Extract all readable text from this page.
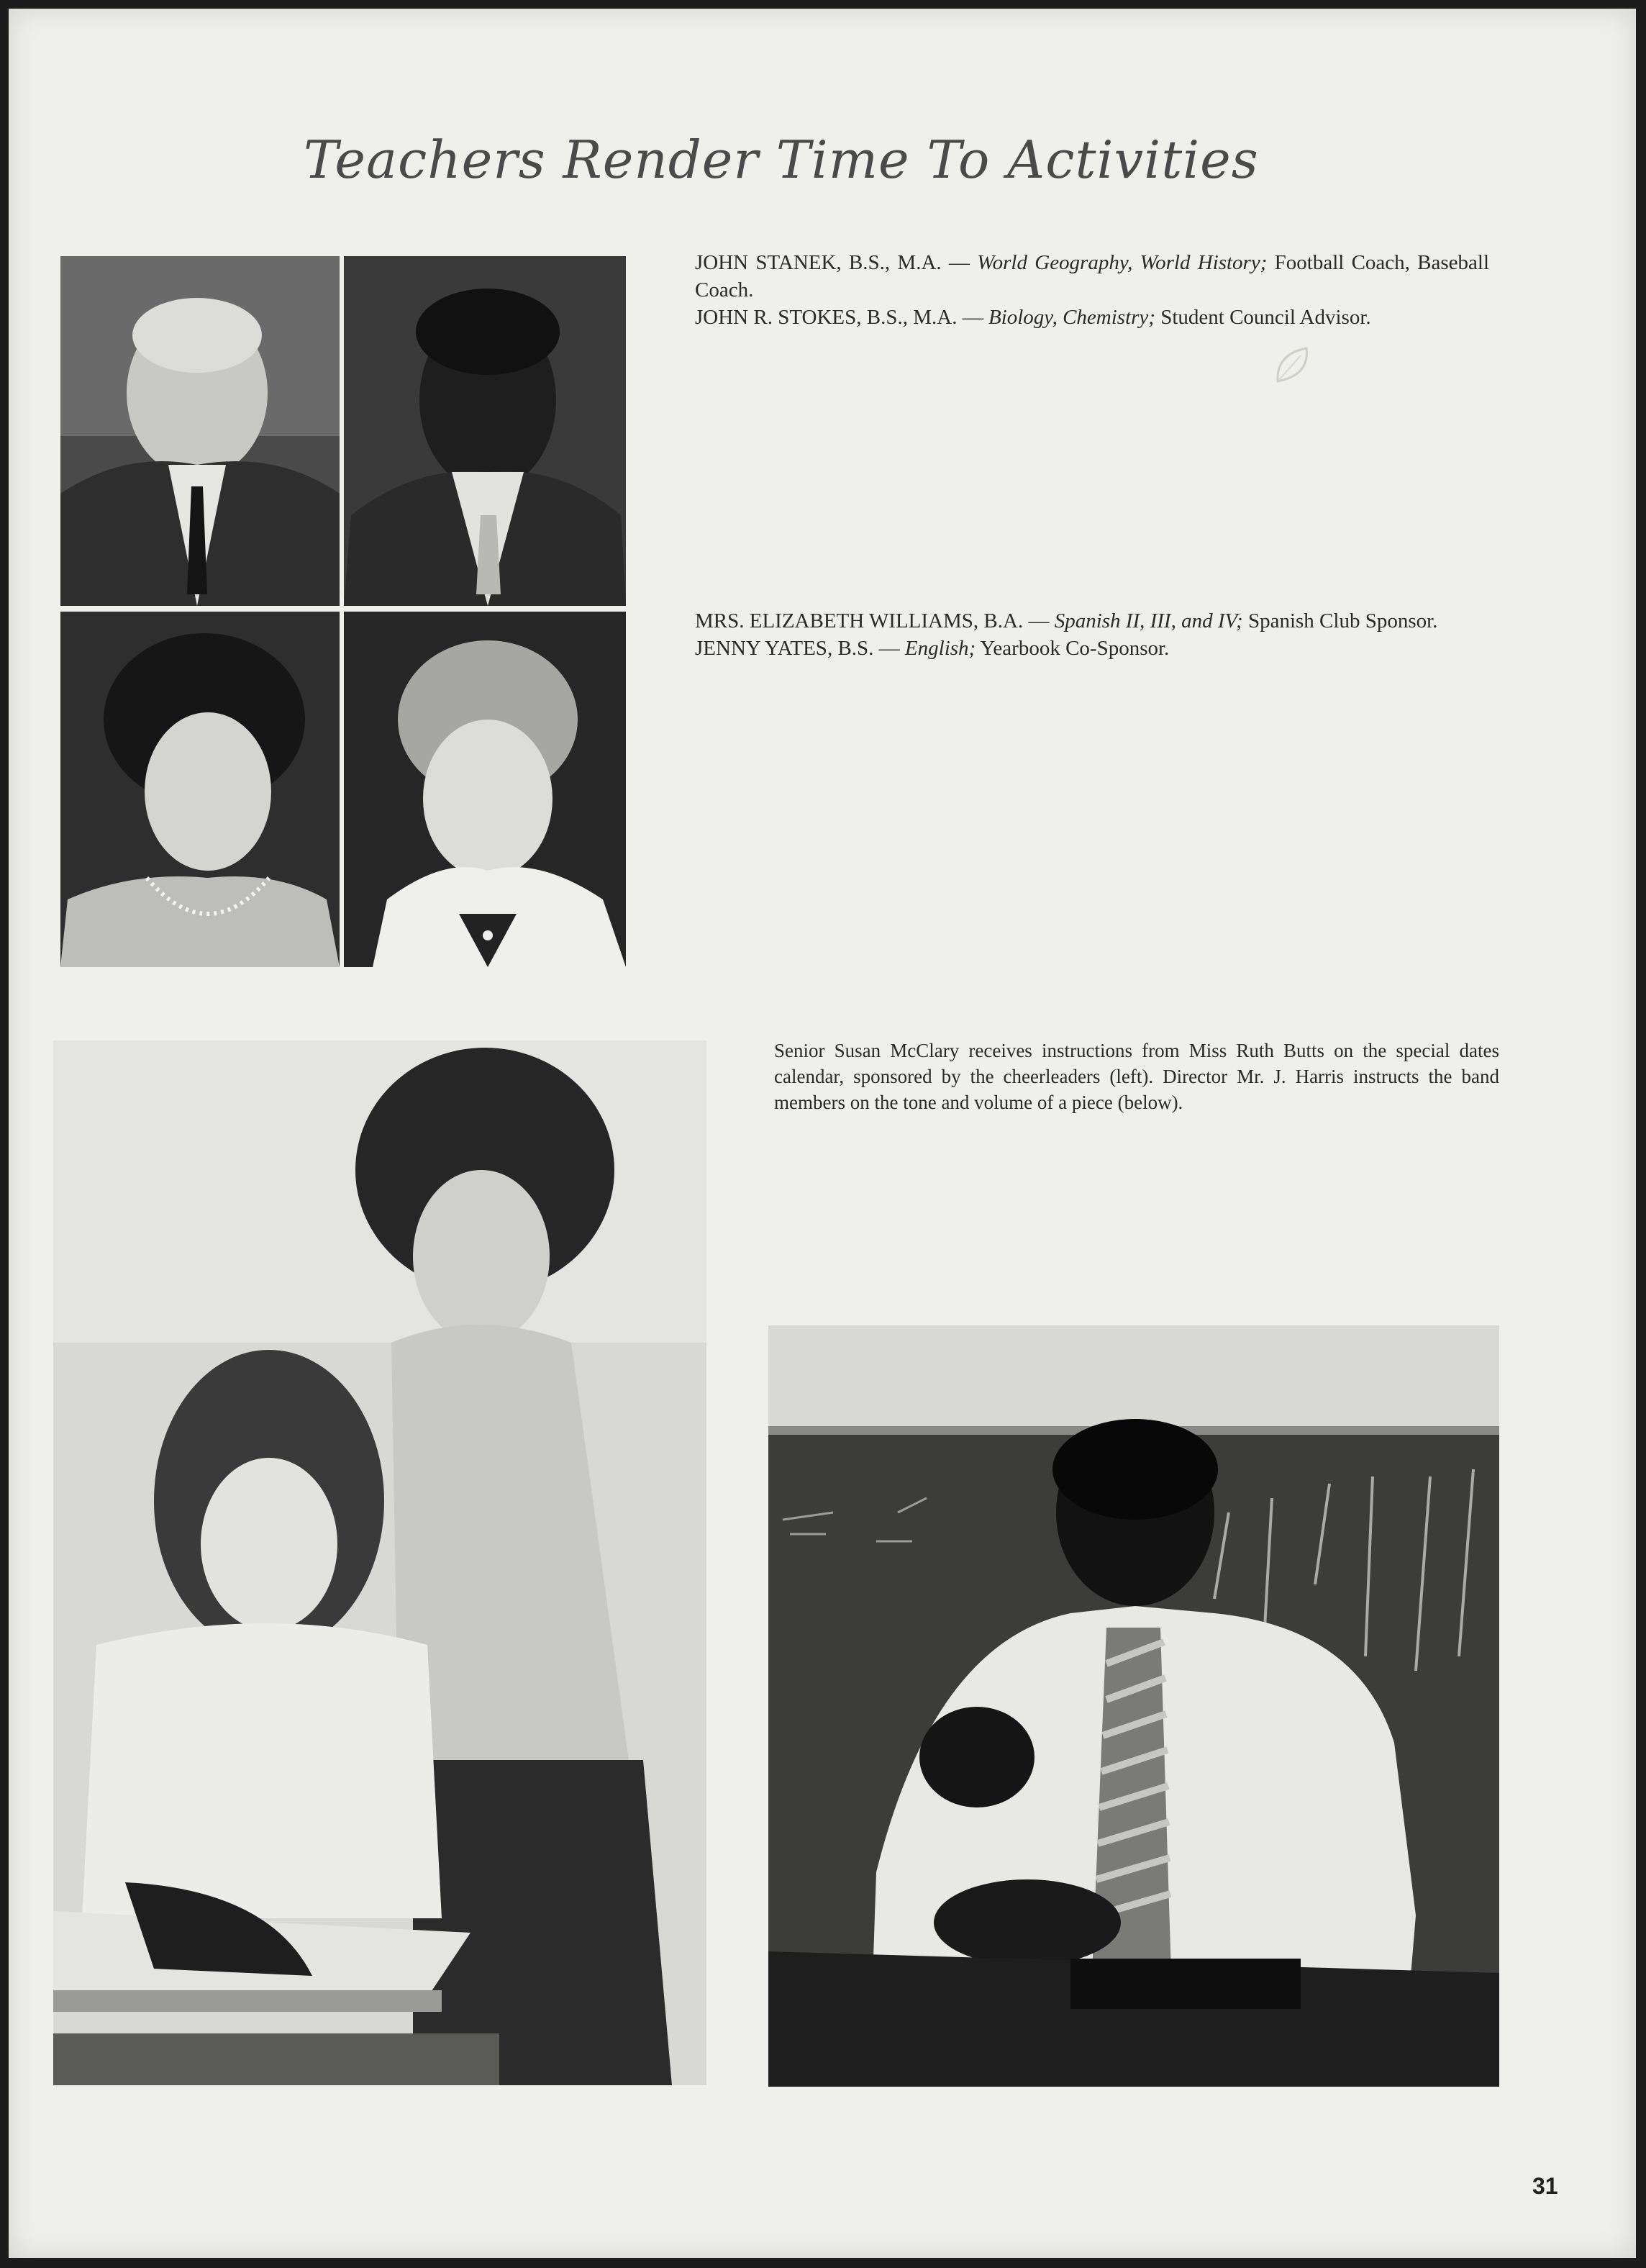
Teachers Render Time To Activities

JOHN STANEK, B.S., M.A. — World Geography, World History; Football Coach, Baseball Coach.

JOHN R. STOKES, B.S., M.A. — Biology, Chemistry; Student Council Advisor.

MRS. ELIZABETH WILLIAMS, B.A. — Spanish II, III, and IV; Spanish Club Sponsor.

JENNY YATES, B.S. — English; Yearbook Co-Sponsor.

Senior Susan McClary receives instructions from Miss Ruth Butts on the special dates calendar, sponsored by the cheerleaders (left). Director Mr. J. Harris instructs the band members on the tone and volume of a piece (below).

31
